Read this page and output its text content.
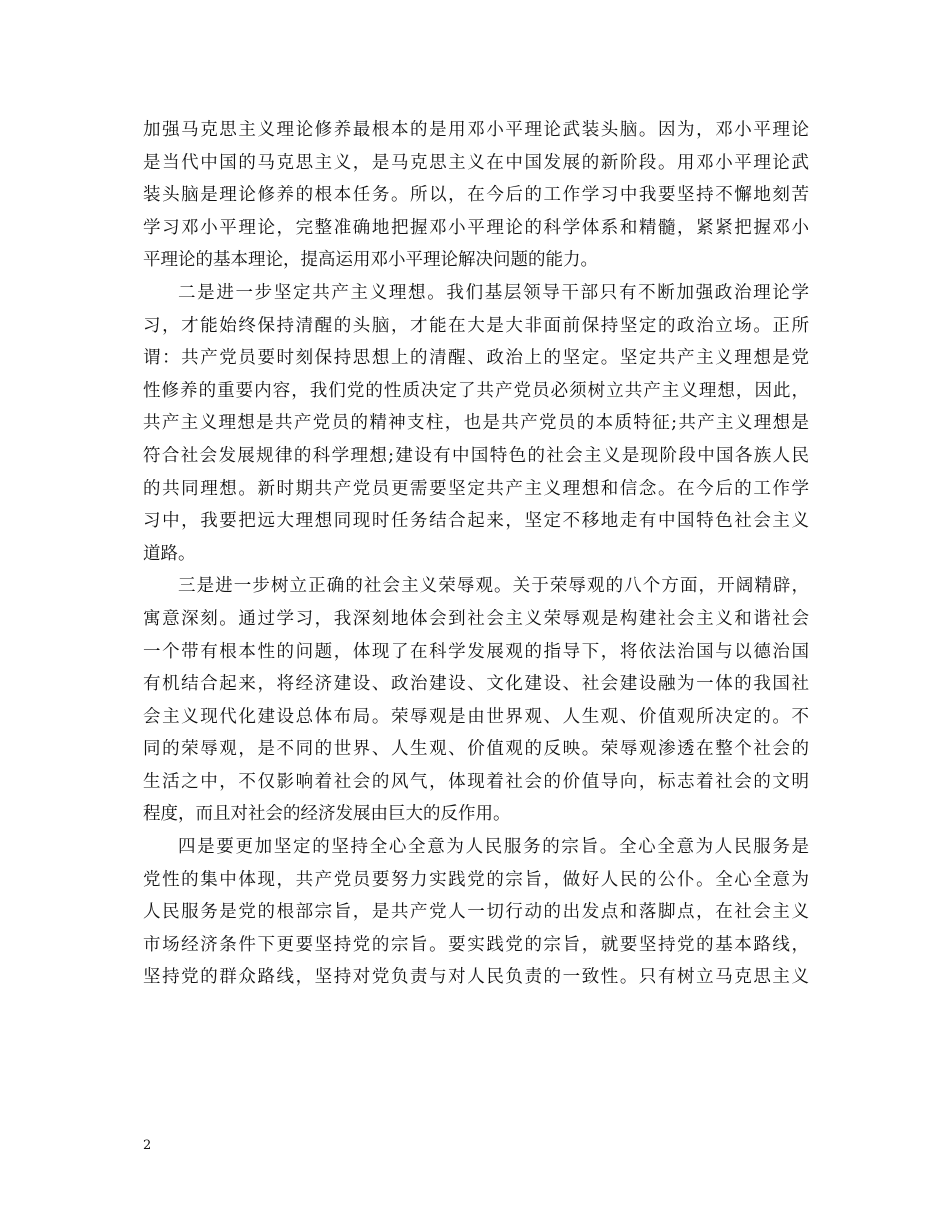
加强马克思主义理论修养最根本的是用邓小平理论武装头脑。因为，邓小平理论
是当代中国的马克思主义，是马克思主义在中国发展的新阶段。用邓小平理论武
装头脑是理论修养的根本任务。所以，在今后的工作学习中我要坚持不懈地刻苦
学习邓小平理论，完整准确地把握邓小平理论的科学体系和精髓，紧紧把握邓小
平理论的基本理论，提高运用邓小平理论解决问题的能力。
二是进一步坚定共产主义理想。我们基层领导干部只有不断加强政治理论学
习，才能始终保持清醒的头脑，才能在大是大非面前保持坚定的政治立场。正所
谓：共产党员要时刻保持思想上的清醒、政治上的坚定。坚定共产主义理想是党
性修养的重要内容，我们党的性质决定了共产党员必须树立共产主义理想，因此，
共产主义理想是共产党员的精神支柱，也是共产党员的本质特征;共产主义理想是
符合社会发展规律的科学理想;建设有中国特色的社会主义是现阶段中国各族人民
的共同理想。新时期共产党员更需要坚定共产主义理想和信念。在今后的工作学
习中，我要把远大理想同现时任务结合起来，坚定不移地走有中国特色社会主义
道路。
三是进一步树立正确的社会主义荣辱观。关于荣辱观的八个方面，开阔精辟，
寓意深刻。通过学习，我深刻地体会到社会主义荣辱观是构建社会主义和谐社会
一个带有根本性的问题，体现了在科学发展观的指导下，将依法治国与以德治国
有机结合起来，将经济建设、政治建设、文化建设、社会建设融为一体的我国社
会主义现代化建设总体布局。荣辱观是由世界观、人生观、价值观所决定的。不
同的荣辱观，是不同的世界、人生观、价值观的反映。荣辱观渗透在整个社会的
生活之中，不仅影响着社会的风气，体现着社会的价值导向，标志着社会的文明
程度，而且对社会的经济发展由巨大的反作用。
四是要更加坚定的坚持全心全意为人民服务的宗旨。全心全意为人民服务是
党性的集中体现，共产党员要努力实践党的宗旨，做好人民的公仆。全心全意为
人民服务是党的根部宗旨，是共产党人一切行动的出发点和落脚点，在社会主义
市场经济条件下更要坚持党的宗旨。要实践党的宗旨，就要坚持党的基本路线，
坚持党的群众路线，坚持对党负责与对人民负责的一致性。只有树立马克思主义
2
